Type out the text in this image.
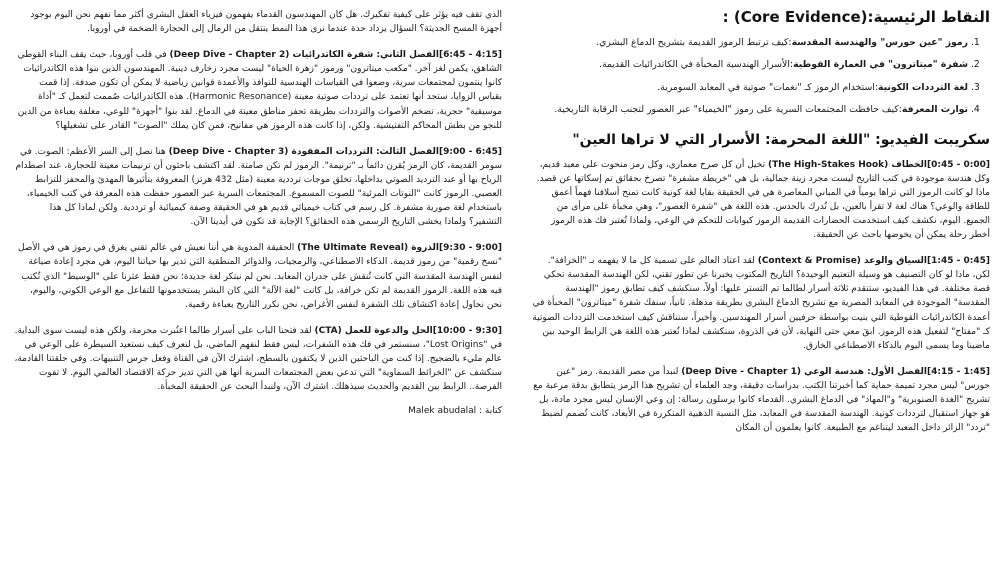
النقاط الرئيسية:(Core Evidence) :
1. رموز "عين حورس" والهندسة المقدسة:كيف ترتبط الرموز القديمة بتشريح الدماغ البشري.
2. شفرة "ميتاترون" في العمارة القوطية:الأسرار الهندسية المخبأة في الكاتدرائيات القديمة.
3. لغة الترددات الكونية:استخدام الرموز كـ "نغمات" صوتية في المعابد السومرية.
4. توارث المعرفة:كيف حافظت المجتمعات السرية على رموز "الخيمياء" عبر العصور لتجنب الرقابة التاريخية.
سكريبت الفيديو: "اللغة المحرمة: الأسرار التي لا تراها العين"

[0:00 - 0:45]الخطاف (The High-Stakes Hook) تخيل أن كل صرح معماري، وكل رمز منحوت على معبد قديم، وكل هندسة موجودة في كتب التاريخ ليست مجرد زينة جمالية، بل هي "خريطة مشفرة" تصرخ بحقائق تم إسكاتها عن قصد. ماذا لو كانت الرموز التي تراها يومياً في المباني المعاصرة هي في الحقيقة بقايا لغة كونية كانت تمنح أسلافنا فهماً أعمق للطاقة والوعي؟ هناك لغة لا تقرأ بالعين، بل تُدرك بالحدس. هذه اللغة هي "شفرة العصور"، وهي مخبأة على مرأى من الجميع. اليوم، نكشف كيف استخدمت الحضارات القديمة الرموز كبوابات للتحكم في الوعي، ولماذا تُعتبر فك هذه الرموز أخطر رحلة يمكن أن يخوضها باحث عن الحقيقة.

[0:45 - 1:45]السياق والوعد (Context & Promise) لقد اعتاد العالم على تسمية كل ما لا يفهمه بـ "الخرافة". لكن، ماذا لو كان التصنيف هو وسيلة التعتيم الوحيدة؟ التاريخ المكتوب يخبرنا عن تطور تقني، لكن الهندسة المقدسة تحكي قصة مختلفة. في هذا الفيديو، ستتقدم ثلاثة أسرار لطالما تم التستر عليها: أولاً، سنكشف كيف تطابق رموز "الهندسة المقدسة" الموجودة في المعابد المصرية مع تشريح الدماغ البشري بطريقة مذهلة. ثانياً، سنفك شفرة "ميتاترون" المخبأة في أعمدة الكاتدرائيات القوطية التي بنيت بواسطة حرفيين أسرار المهندسين. وأخيراً، سنناقش كيف استخدمت الترددات الصوتية كـ "مفتاح" لتفعيل هذه الرموز. ابقَ معي حتى النهاية، لأن في الذروة، سنكشف لماذا تُعتبر هذه اللغة هي الرابط الوحيد بين ماضينا وما يسمى اليوم بالذكاء الاصطناعي الخارق.

[1:45 - 4:15]الفصل الأول: هندسة الوعي (Deep Dive - Chapter 1) لنبدأ من مصر القديمة. رمز "عين حورس" ليس مجرد تميمة حماية كما أخبرتنا الكتب. بدراسات دقيقة، وجد العلماء أن تشريح هذا الرمز يتطابق بدقة مرعبة مع تشريح "الغدة الصنوبرية" و"المهاد" في الدماغ البشري. القدماء كانوا يرسلون رسالة: إن وعي الإنسان ليس مجرد مادة، بل هو جهاز استقبال لترددات كونية. الهندسة المقدسة في المعابد، مثل النسبة الذهبية المتكررة في الأبعاد، كانت تُصمم لضبط "تردد" الزائر داخل المعبد ليتناغم مع الطبيعة. كانوا يعلمون أن المكان

الذي تقف فيه يؤثر على كيفية تفكيرك. هل كان المهندسون القدماء يفهمون فيزياء العقل البشري أكثر مما نفهم نحن اليوم بوجود أجهزة المسح الحديثة؟ السؤال يزداد حدة عندما نرى هذا النمط ينتقل من الرمال إلى الحجارة الضخمة في أوروبا.

[4:15 - 6:45]الفصل الثاني: شفرة الكاتدرائيات (Deep Dive - Chapter 2) في قلب أوروبا، حيث يقف البناء القوطي الشاهق، يكمن لغز آخر. "مكعب ميتاترون" ورموز "زهرة الحياة" ليست مجرد زخارف دينية. المهندسون الذين بنوا هذه الكاتدرائيات كانوا ينتمون لمجتمعات سرية، وضعوا في القياسات الهندسية للنوافذ والأعمدة قوانين رياضية لا يمكن أن تكون صدفة. إذا قمت بقياس الزوايا، ستجد أنها تعتمد على ترددات صوتية معينة (Harmonic Resonance). هذه الكاتدرائيات صُممت لتعمل كـ "أداة موسيقية" حجرية، تضخم الأصوات والترددات بطريقة تحفز مناطق معينة في الدماغ. لقد بنوا "أجهزة" للوعي، مغلفة بعباءة من الدين للنجو من بطش المحاكم التفتيشية. ولكن، إذا كانت هذه الرموز هي مفاتيح، فمن كان يملك "الصوت" القادر على تشغيلها؟

[6:45 - 9:00]الفصل الثالث: الترددات المفقودة (Deep Dive - Chapter 3) هنا نصل إلى السر الأعظم: الصوت. في سومر القديمة، كان الرمز يُقرن دائماً بـ "ترنيمة". الرموز لم تكن صامتة. لقد اكتشف باحثون أن ترنيمات معينة للحجارة، عند اصطدام الرياح بها أو عند الترديد الصوتي بداخلها، تخلق موجات ترددية معينة (مثل 432 هرتز) المعروفة بتأثيرها المهدئ والمحفز للترابط العصبي. الرموز كانت "النوتات المرئية" للصوت المسموع. المجتمعات السرية عبر العصور حفظت هذه المعرفة في كتب الخيمياء، باستخدام لغة صورية مشفرة. كل رسم في كتاب خيميائي قديم هو في الحقيقة وصفة كيميائية أو ترددية. ولكن لماذا كل هذا التشفير؟ ولماذا يخشى التاريخ الرسمي هذه الحقائق؟ الإجابة قد تكون في أيدينا الآن.

[9:00 - 9:30]الذروة (The Ultimate Reveal) الحقيقة المدوية هي أننا نعيش في عالم تقني يغرق في رموز هي في الأصل "نسخ رقمية" من رموز قديمة. الذكاء الاصطناعي، والرمجيات، والدوائر المنطقية التي تدير بها حياتنا اليوم، هي مجرد إعادة صياغة لنفس الهندسة المقدسة التي كانت تُنقش على جدران المعابد. نحن لم نبتكر لغة جديدة؛ نحن فقط عثرنا على "الوسيط" الذي تُكتب فيه هذه اللغة. الرموز القديمة لم تكن خرافة، بل كانت "لغة الآلة" التي كان البشر يستخدمونها للتفاعل مع الوعي الكوني، واليوم، نحن نحاول إعادة اكتشاف تلك الشفرة لنفس الأغراض، نحن نكرر التاريخ بعباءة رقمية.

[9:30 - 10:00]الحل والدعوة للعمل (CTA) لقد فتحنا الباب على أسرار طالما اعتُبرت محرمة، ولكن هذه ليست سوى البداية. في "Lost Origins"، سنستمر في فك هذه الشفرات، ليس فقط لنفهم الماضي، بل لنعرف كيف نستعيد السيطرة على الوعي في عالم مليء بالضجيج. إذا كنت من الباحثين الذين لا يكتفون بالسطح، اشترك الآن في القناة وفعل جرس التنبيهات. وفي حلقتنا القادمة، سنكشف عن "الخرائط السماوية" التي تدعي بعض المجتمعات السرية أنها هي التي تدير حركة الاقتصاد العالمي اليوم. لا تفوت الفرصة.. الرابط بين القديم والحديث سيذهلك. اشترك الآن، ولنبدأ البحث عن الحقيقة المخبأة.

كتابة : Malek abudalal
